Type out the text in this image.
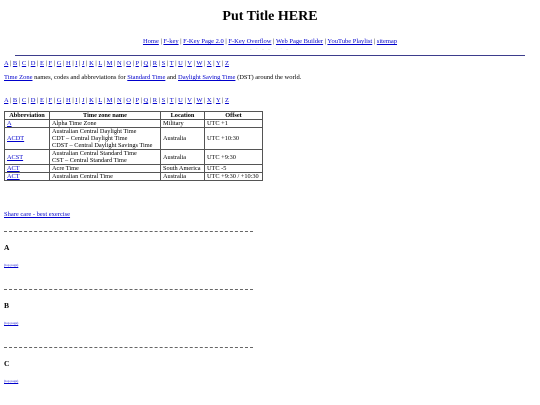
Put Title HERE
Home | F-key | F-Key Page 2.0 | F-Key Overflow | Web Page Builder | YouTube Playlist | sitemap
- · - - · · -
A | B | C | D | E | F | G | H | I | J | K | L | M | N | O | P | Q | R | S | T | U | V | W | X | Y | Z

Time Zone names, codes and abbreviations for Standard Time and Daylight Saving Time (DST) around the world.

A | B | C | D | E | F | G | H | I | J | K | L | M | N | O | P | Q | R | S | T | U | V | W | X | Y | Z
Abbreviation	Time zone name	Location	Offset
A	Alpha Time Zone	Military	UTC +1
ACDT	Australian Central Daylight Time
CDT – Central Daylight Time
CDST – Central Daylight Savings Time	Australia	UTC +10:30
ACST	Australian Central Standard Time
CST – Central Standard Time	Australia	UTC +9:30
ACT	Acre Time	South America	UTC -5
ACT	Australian Central Time	Australia	UTC +9:30 / +10:30
Share care - best exercise
A
(top page)
B
(top page)
C
(top page)
